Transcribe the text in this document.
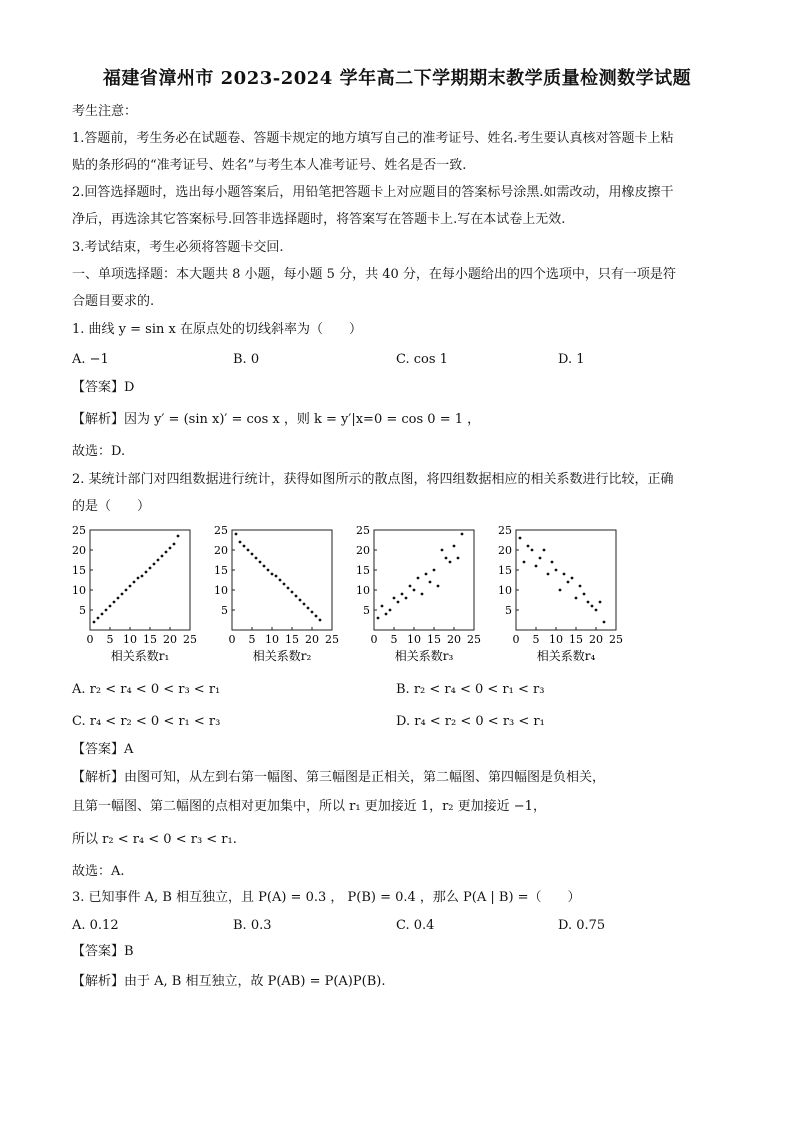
福建省漳州市 2023-2024 学年高二下学期期末教学质量检测数学试题
考生注意：
1.答题前，考生务必在试题卷、答题卡规定的地方填写自己的准考证号、姓名.考生要认真核对答题卡上粘
贴的条形码的“准考证号、姓名”与考生本人准考证号、姓名是否一致.
2.回答选择题时，选出每小题答案后，用铅笔把答题卡上对应题目的答案标号涂黑.如需改动，用橡皮擦干
净后，再选涂其它答案标号.回答非选择题时，将答案写在答题卡上.写在本试卷上无效.
3.考试结束，考生必须将答题卡交回.
一、单项选择题：本大题共 8 小题，每小题 5 分，共 40 分，在每小题给出的四个选项中，只有一项是符
合题目要求的.
1. 曲线 y = sin x 在原点处的切线斜率为（　　）
A. −1	B. 0	C. cos 1	D. 1
【答案】D
【解析】因为 y′ = (sin x)′ = cos x ，则 k = y′|x=0 = cos 0 = 1 ，
故选：D.
2. 某统计部门对四组数据进行统计，获得如图所示的散点图，将四组数据相应的相关系数进行比较，正确
的是（　　）
0 5 10 15 20 25
5
10
15
20
25
相关系数r₁
0 5 10 15 20 25
5
10
15
20
25
相关系数r₂
0 5 10 15 20 25
5
10
15
20
25
相关系数r₃
0 5 10 15 20 25
5
10
15
20
25
相关系数r₄
A. r₂ < r₄ < 0 < r₃ < r₁	B. r₂ < r₄ < 0 < r₁ < r₃
C. r₄ < r₂ < 0 < r₁ < r₃	D. r₄ < r₂ < 0 < r₃ < r₁
【答案】A
【解析】由图可知，从左到右第一幅图、第三幅图是正相关，第二幅图、第四幅图是负相关，
且第一幅图、第二幅图的点相对更加集中，所以 r₁ 更加接近 1，r₂ 更加接近 −1，
所以 r₂ < r₄ < 0 < r₃ < r₁.
故选：A.
3. 已知事件 A, B 相互独立，且 P(A) = 0.3 ， P(B) = 0.4 ，那么 P(A | B) =（　　）
A. 0.12	B. 0.3	C. 0.4	D. 0.75
【答案】B
【解析】由于 A, B 相互独立，故 P(AB) = P(A)P(B).
